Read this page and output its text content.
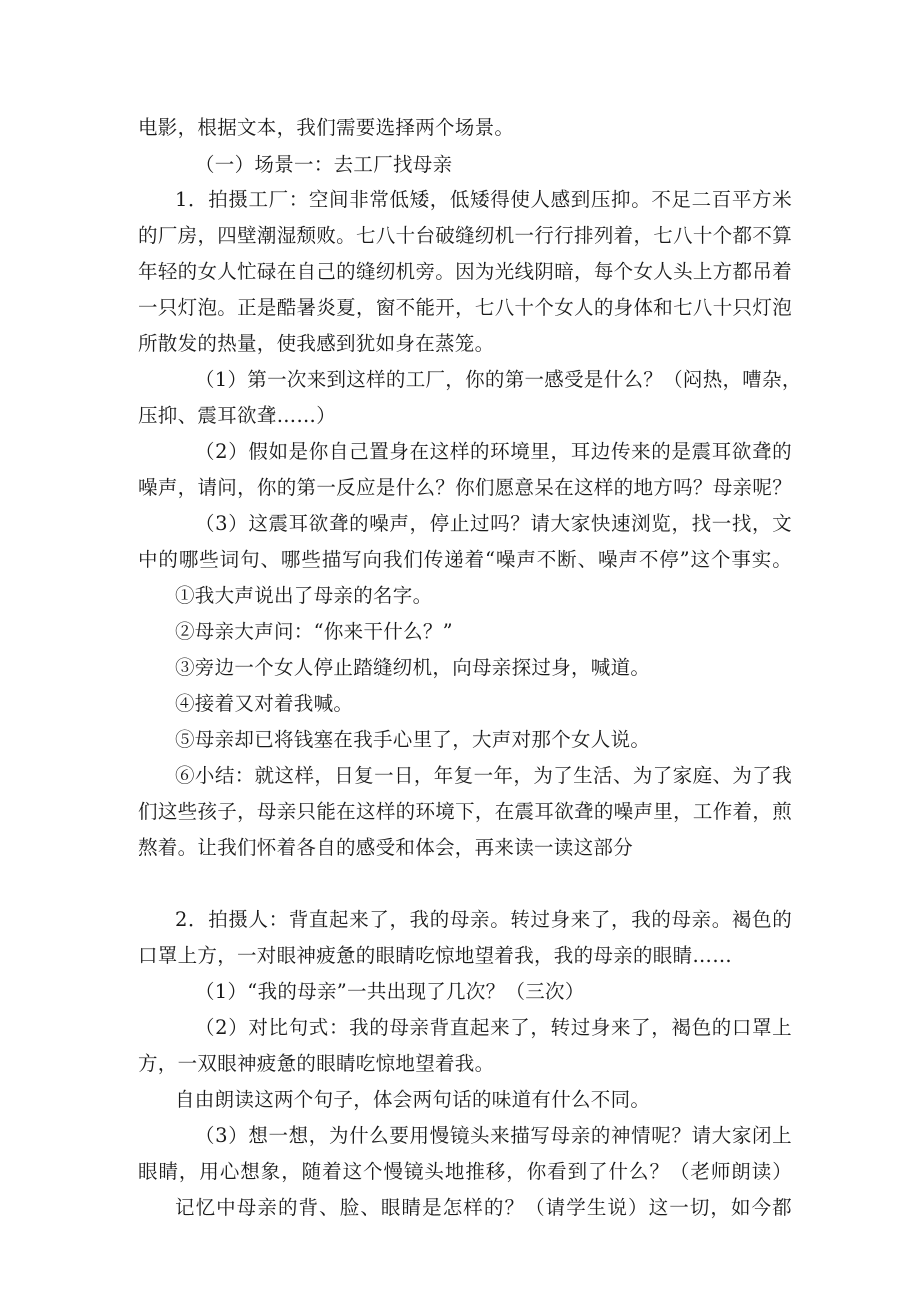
电影，根据文本，我们需要选择两个场景。

（一）场景一：去工厂找母亲

1．拍摄工厂：空间非常低矮，低矮得使人感到压抑。不足二百平方米

的厂房，四壁潮湿颓败。七八十台破缝纫机一行行排列着，七八十个都不算

年轻的女人忙碌在自己的缝纫机旁。因为光线阴暗，每个女人头上方都吊着

一只灯泡。正是酷暑炎夏，窗不能开，七八十个女人的身体和七八十只灯泡

所散发的热量，使我感到犹如身在蒸笼。

（1）第一次来到这样的工厂，你的第一感受是什么？（闷热，嘈杂，

压抑、震耳欲聋……）

（2）假如是你自己置身在这样的环境里，耳边传来的是震耳欲聋的

噪声，请问，你的第一反应是什么？你们愿意呆在这样的地方吗？母亲呢？

（3）这震耳欲聋的噪声，停止过吗？请大家快速浏览，找一找，文

中的哪些词句、哪些描写向我们传递着“噪声不断、噪声不停”这个事实。

①我大声说出了母亲的名字。

②母亲大声问：“你来干什么？”

③旁边一个女人停止踏缝纫机，向母亲探过身，喊道。

④接着又对着我喊。

⑤母亲却已将钱塞在我手心里了，大声对那个女人说。

⑥小结：就这样，日复一日，年复一年，为了生活、为了家庭、为了我

们这些孩子，母亲只能在这样的环境下，在震耳欲聋的噪声里，工作着，煎

熬着。让我们怀着各自的感受和体会，再来读一读这部分

2．拍摄人：背直起来了，我的母亲。转过身来了，我的母亲。褐色的

口罩上方，一对眼神疲惫的眼睛吃惊地望着我，我的母亲的眼睛……

（1）“我的母亲”一共出现了几次？（三次）

（2）对比句式：我的母亲背直起来了，转过身来了，褐色的口罩上

方，一双眼神疲惫的眼睛吃惊地望着我。

自由朗读这两个句子，体会两句话的味道有什么不同。

（3）想一想，为什么要用慢镜头来描写母亲的神情呢？请大家闭上

眼睛，用心想象，随着这个慢镜头地推移，你看到了什么？（老师朗读）

记忆中母亲的背、脸、眼睛是怎样的？（请学生说）这一切，如今都
